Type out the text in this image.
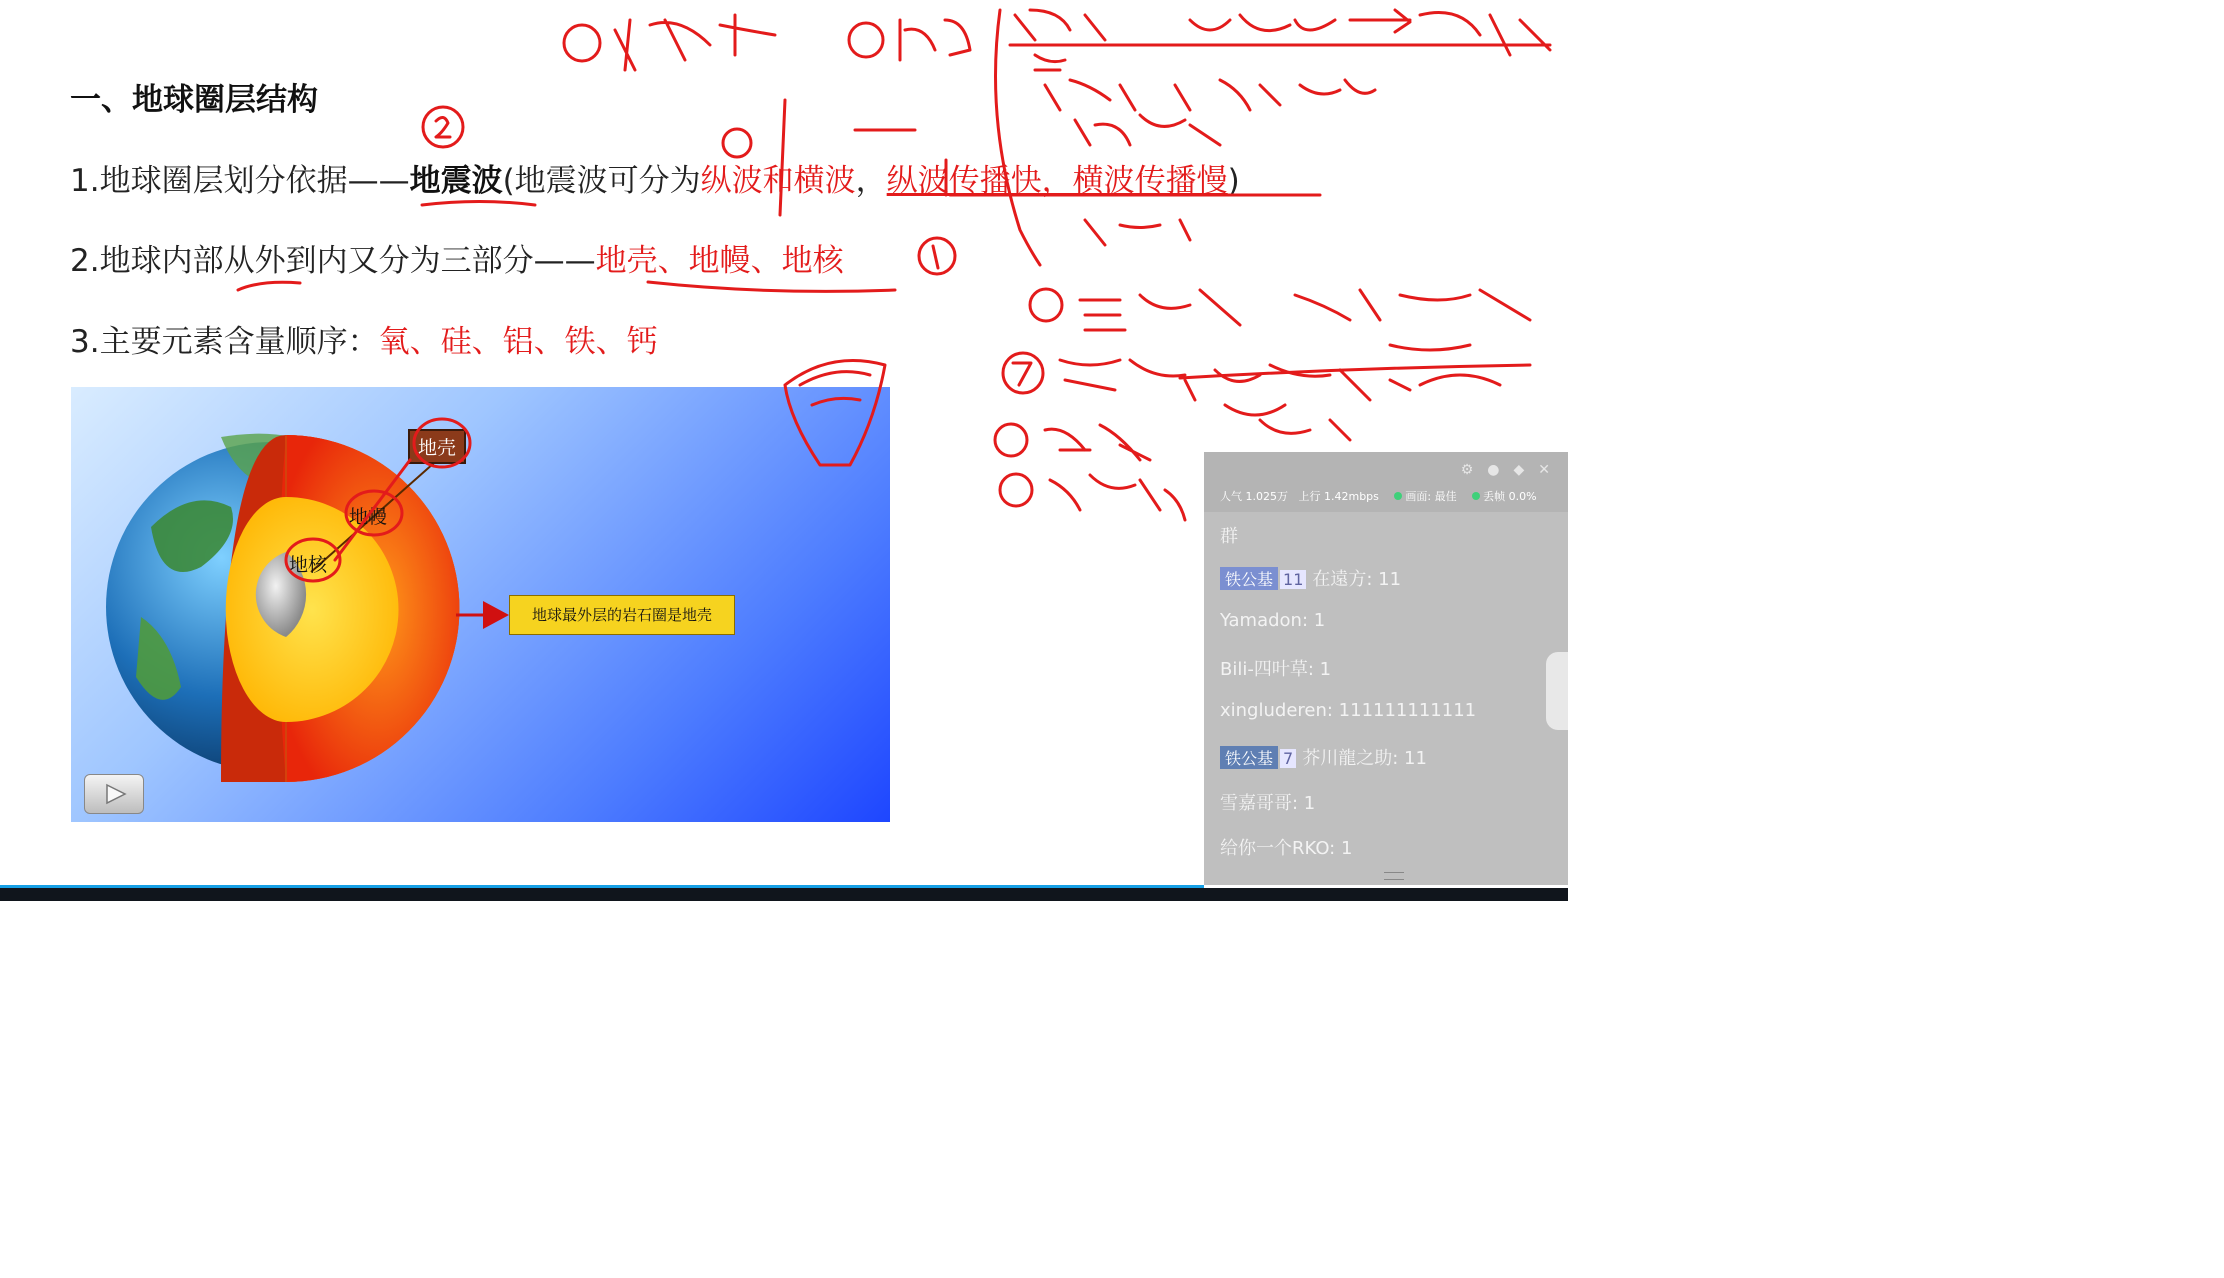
一、地球圈层结构
1.地球圈层划分依据——地震波(地震波可分为纵波和横波，纵波传播快，横波传播慢)
2.地球内部从外到内又分为三部分——地壳、地幔、地核
3.主要元素含量顺序：氧、硅、铝、铁、钙
地壳
地幔
地核
地球最外层的岩石圈是地壳
⚙●◆✕
人气 1.025万 上行 1.42mbps 画面: 最佳 丢帧 0.0%
群
铁公基 11 在遠方: 11
Yamadon: 1
Bili-四叶草: 1
xingluderen: 111111111111
铁公基 7 芥川龍之助: 11
雪嘉哥哥: 1
给你一个RKO: 1
